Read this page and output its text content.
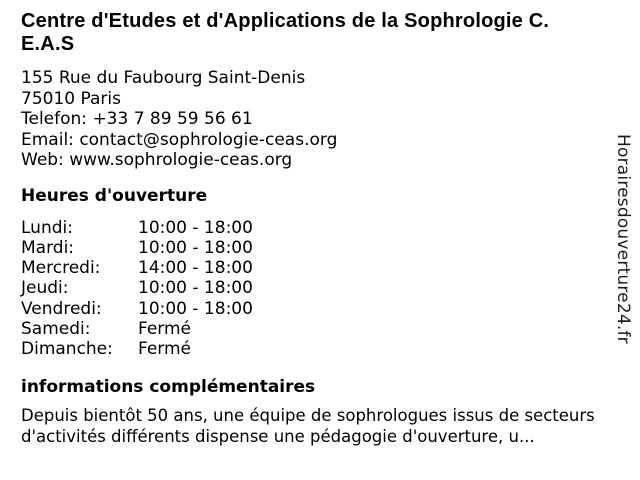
Centre d'Etudes et d'Applications de la Sophrologie C.
E.A.S
155 Rue du Faubourg Saint-Denis
75010 Paris
Telefon: +33 7 89 59 56 61
Email: contact@sophrologie-ceas.org
Web: www.sophrologie-ceas.org
Heures d'ouverture
Lundi:	10:00 - 18:00
Mardi:	10:00 - 18:00
Mercredi:	14:00 - 18:00
Jeudi:	10:00 - 18:00
Vendredi:	10:00 - 18:00
Samedi:	Fermé
Dimanche:	Fermé
informations complémentaires

Depuis bientôt 50 ans, une équipe de sophrologues issus de secteurs d'activités différents dispense une pédagogie d'ouverture, u...

Horairesdouverture24.fr
